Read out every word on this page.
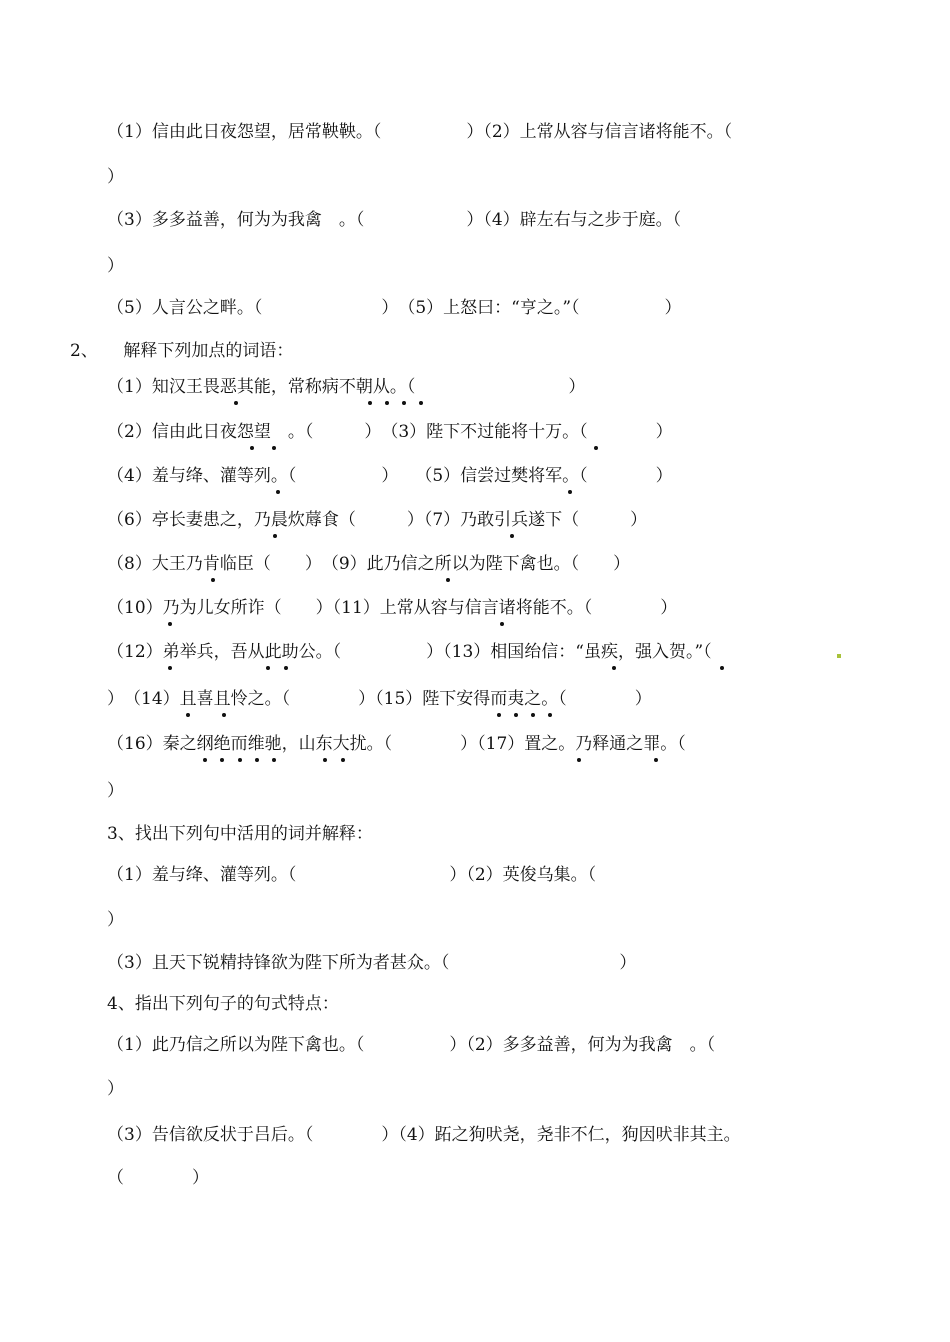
（1）信由此日夜怨望，居常鞅鞅。（　　　　　）（2）上常从容与信言诸将能不。（
）
（3）多多益善，何为为我禽　。（　　　　　　）（4）辟左右与之步于庭。（
）
（5）人言公之畔。（　　　　　　　）　（5）上怒曰：“亨之。”（　　　　　）
2、　　解释下列加点的词语：
（1）知汉王畏恶其能，常称病不朝从。（　　　　　　　　　）
（2）信由此日夜怨望　。（　　　）　（3）陛下不过能将十万。（　　　　）
（4）羞与绛、灌等列。（　　　　　）　　（5）信尝过樊将军。（　　　　）
（6）亭长妻患之，乃晨炊蓐食（　　　）（7）乃敢引兵遂下（　　　）
（8）大王乃肯临臣（　　）　（9）此乃信之所以为陛下禽也。（　　）
（10）乃为儿女所诈（　　）（11）上常从容与信言诸将能不。（　　　　）
（12）弟举兵，吾从此助公。（　　　　　）（13）相国绐信：“虽疾，强入贺。”（
）　（14）且喜且怜之。（　　　　）（15）陛下安得而夷之。（　　　　）
（16）秦之纲绝而维驰，山东大扰。（　　　　）（17）置之。乃释通之罪。（
）
3、找出下列句中活用的词并解释：
（1）羞与绛、灌等列。（　　　　　　　　　）（2）英俊乌集。（
）
（3）且天下锐精持锋欲为陛下所为者甚众。（　　　　　　　　　　）
4、指出下列句子的句式特点：
（1）此乃信之所以为陛下禽也。（　　　　　）（2）多多益善，何为为我禽　。（
）
（3）告信欲反状于吕后。（　　　　）（4）跖之狗吠尧，尧非不仁，狗因吠非其主。
（　　　　）
